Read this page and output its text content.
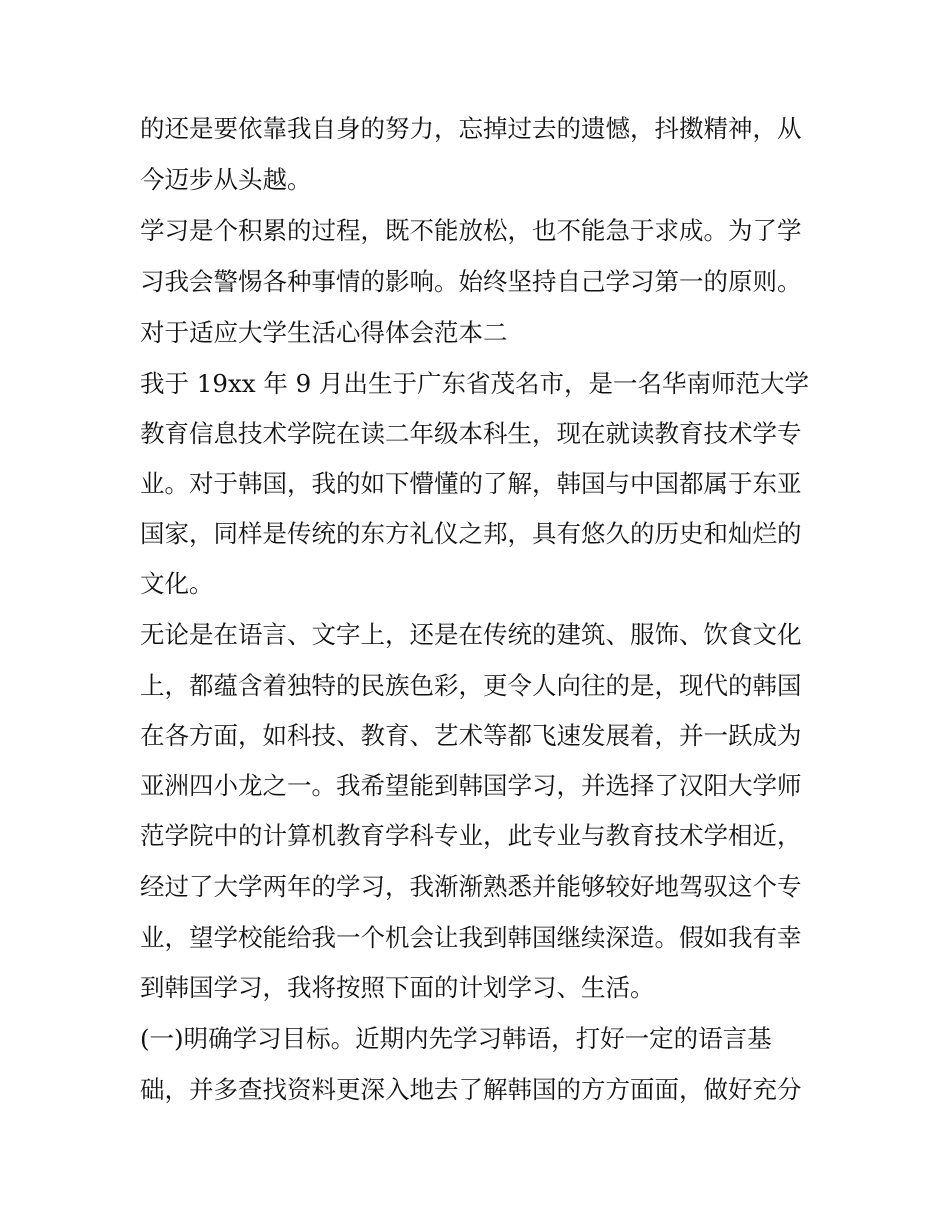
的还是要依靠我自身的努力，忘掉过去的遗憾，抖擞精神，从
今迈步从头越。
学习是个积累的过程，既不能放松，也不能急于求成。为了学
习我会警惕各种事情的影响。始终坚持自己学习第一的原则。
对于适应大学生活心得体会范本二
我于 19xx 年 9 月出生于广东省茂名市，是一名华南师范大学
教育信息技术学院在读二年级本科生，现在就读教育技术学专
业。对于韩国，我的如下懵懂的了解，韩国与中国都属于东亚
国家，同样是传统的东方礼仪之邦，具有悠久的历史和灿烂的
文化。
无论是在语言、文字上，还是在传统的建筑、服饰、饮食文化
上，都蕴含着独特的民族色彩，更令人向往的是，现代的韩国
在各方面，如科技、教育、艺术等都飞速发展着，并一跃成为
亚洲四小龙之一。我希望能到韩国学习，并选择了汉阳大学师
范学院中的计算机教育学科专业，此专业与教育技术学相近，
经过了大学两年的学习，我渐渐熟悉并能够较好地驾驭这个专
业，望学校能给我一个机会让我到韩国继续深造。假如我有幸
到韩国学习，我将按照下面的计划学习、生活。
(一)明确学习目标。近期内先学习韩语，打好一定的语言基
础，并多查找资料更深入地去了解韩国的方方面面，做好充分
